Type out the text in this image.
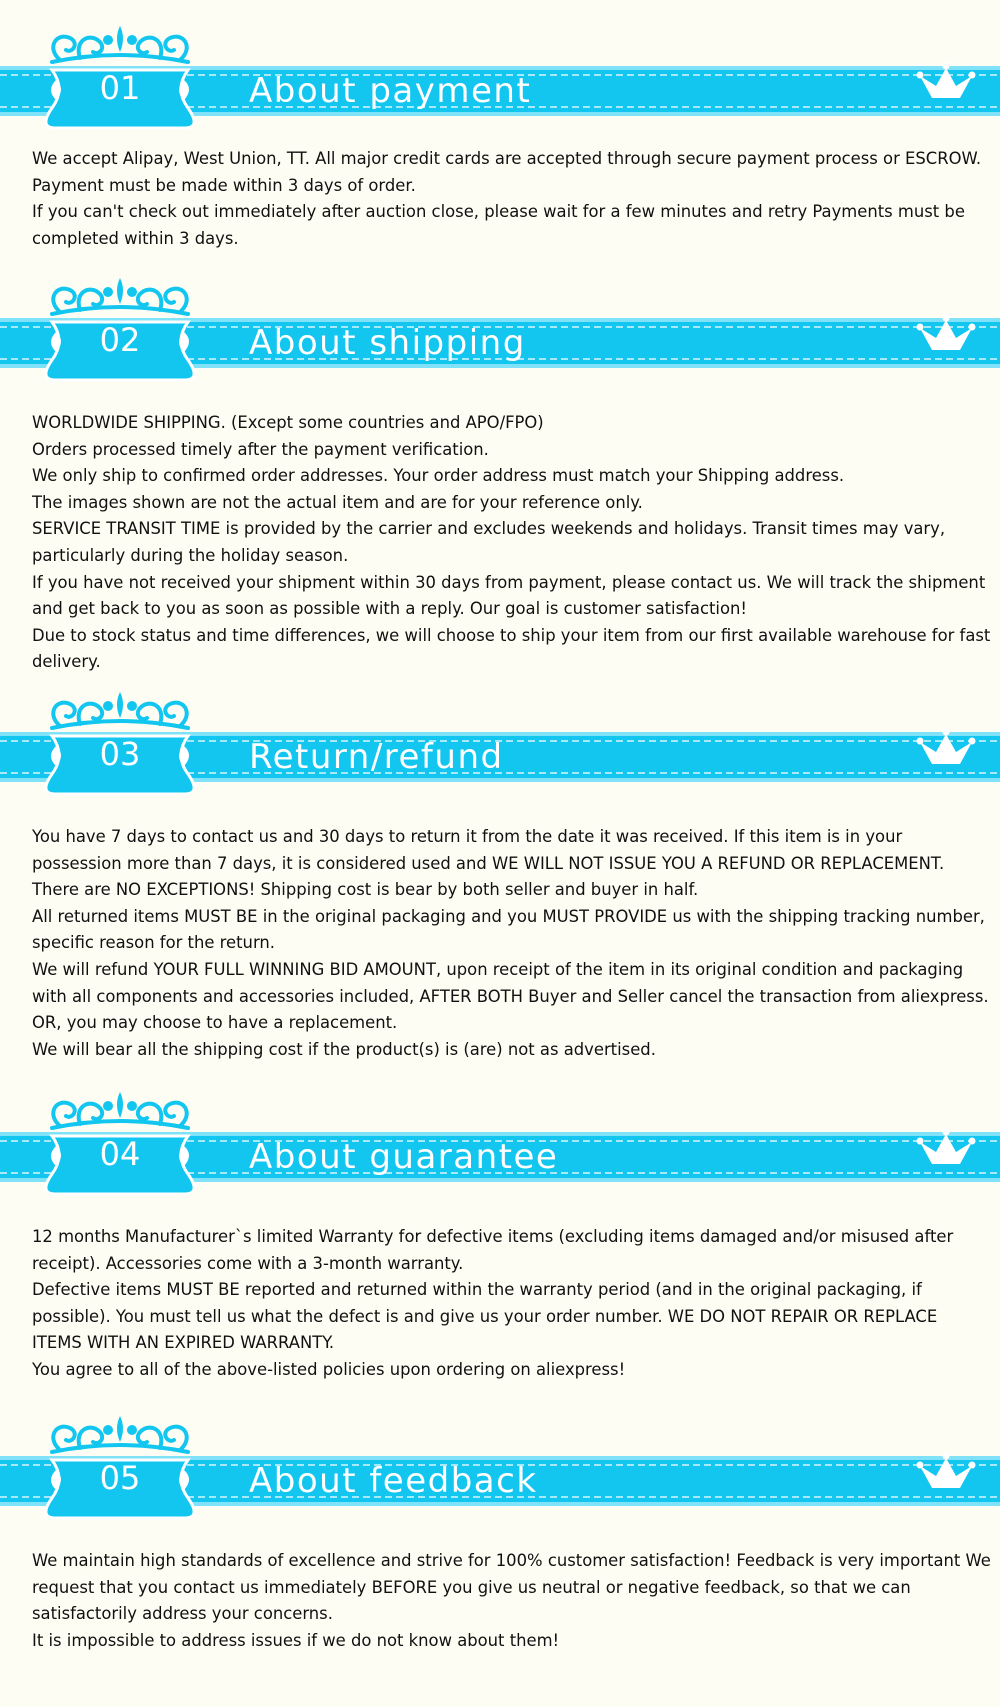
01	About payment

We accept Alipay, West Union, TT. All major credit cards are accepted through secure payment process or ESCROW.

Payment must be made within 3 days of order.

If you can't check out immediately after auction close, please wait for a few minutes and retry Payments must be completed within 3 days.

02	About shipping

WORLDWIDE SHIPPING. (Except some countries and APO/FPO)

Orders processed timely after the payment verification.

We only ship to confirmed order addresses. Your order address must match your Shipping address.

The images shown are not the actual item and are for your reference only.

SERVICE TRANSIT TIME is provided by the carrier and excludes weekends and holidays. Transit times may vary, particularly during the holiday season.

If you have not received your shipment within 30 days from payment, please contact us. We will track the shipment and get back to you as soon as possible with a reply. Our goal is customer satisfaction!

Due to stock status and time differences, we will choose to ship your item from our first available warehouse for fast delivery.

03	Return/refund

You have 7 days to contact us and 30 days to return it from the date it was received. If this item is in your possession more than 7 days, it is considered used and WE WILL NOT ISSUE YOU A REFUND OR REPLACEMENT. There are NO EXCEPTIONS! Shipping cost is bear by both seller and buyer in half.

All returned items MUST BE in the original packaging and you MUST PROVIDE us with the shipping tracking number, specific reason for the return.

We will refund YOUR FULL WINNING BID AMOUNT, upon receipt of the item in its original condition and packaging with all components and accessories included, AFTER BOTH Buyer and Seller cancel the transaction from aliexpress. OR, you may choose to have a replacement.

We will bear all the shipping cost if the product(s) is (are) not as advertised.

04	About guarantee

12 months Manufacturer`s limited Warranty for defective items (excluding items damaged and/or misused after receipt). Accessories come with a 3-month warranty.

Defective items MUST BE reported and returned within the warranty period (and in the original packaging, if possible). You must tell us what the defect is and give us your order number. WE DO NOT REPAIR OR REPLACE ITEMS WITH AN EXPIRED WARRANTY.

You agree to all of the above-listed policies upon ordering on aliexpress!

05	About feedback

We maintain high standards of excellence and strive for 100% customer satisfaction! Feedback is very important We request that you contact us immediately BEFORE you give us neutral or negative feedback, so that we can satisfactorily address your concerns.

It is impossible to address issues if we do not know about them!
